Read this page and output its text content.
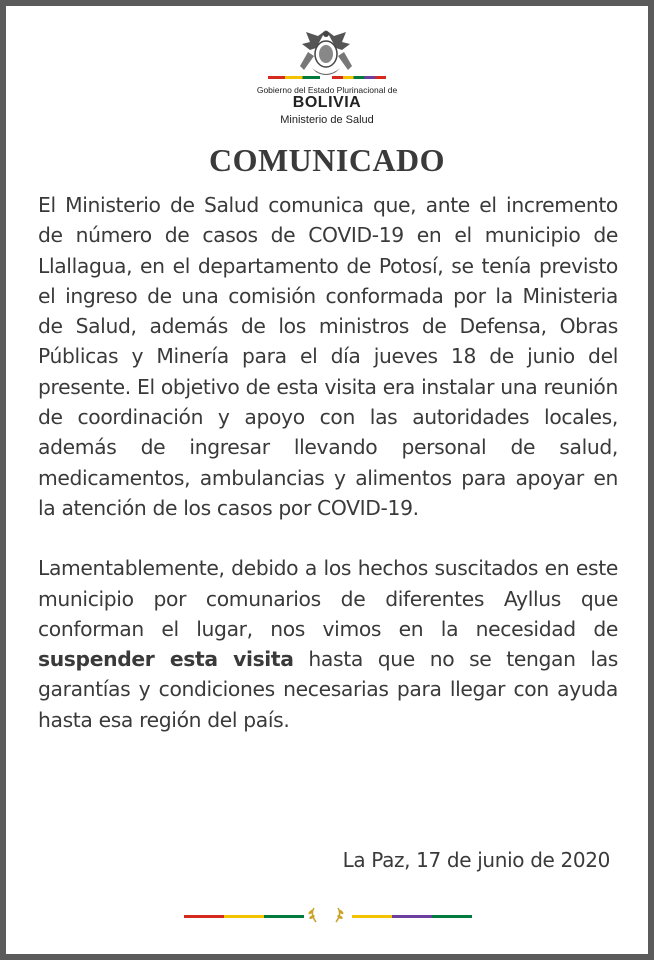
Gobierno del Estado Plurinacional de
BOLIVIA
Ministerio de Salud
COMUNICADO

El Ministerio de Salud comunica que, ante el incremento de número de casos de COVID-19 en el municipio de Llallagua, en el departamento de Potosí, se tenía previsto el ingreso de una comisión conformada por la Ministeria de Salud, además de los ministros de Defensa, Obras Públicas y Minería para el día jueves 18 de junio del presente. El objetivo de esta visita era instalar una reunión de coordinación y apoyo con las autoridades locales, además de ingresar llevando personal de salud, medicamentos, ambulancias y alimentos para apoyar en la atención de los casos por COVID-19.

Lamentablemente, debido a los hechos suscitados en este municipio por comunarios de diferentes Ayllus que conforman el lugar, nos vimos en la necesidad de suspender esta visita hasta que no se tengan las garantías y condiciones necesarias para llegar con ayuda hasta esa región del país.

La Paz, 17 de junio de 2020
